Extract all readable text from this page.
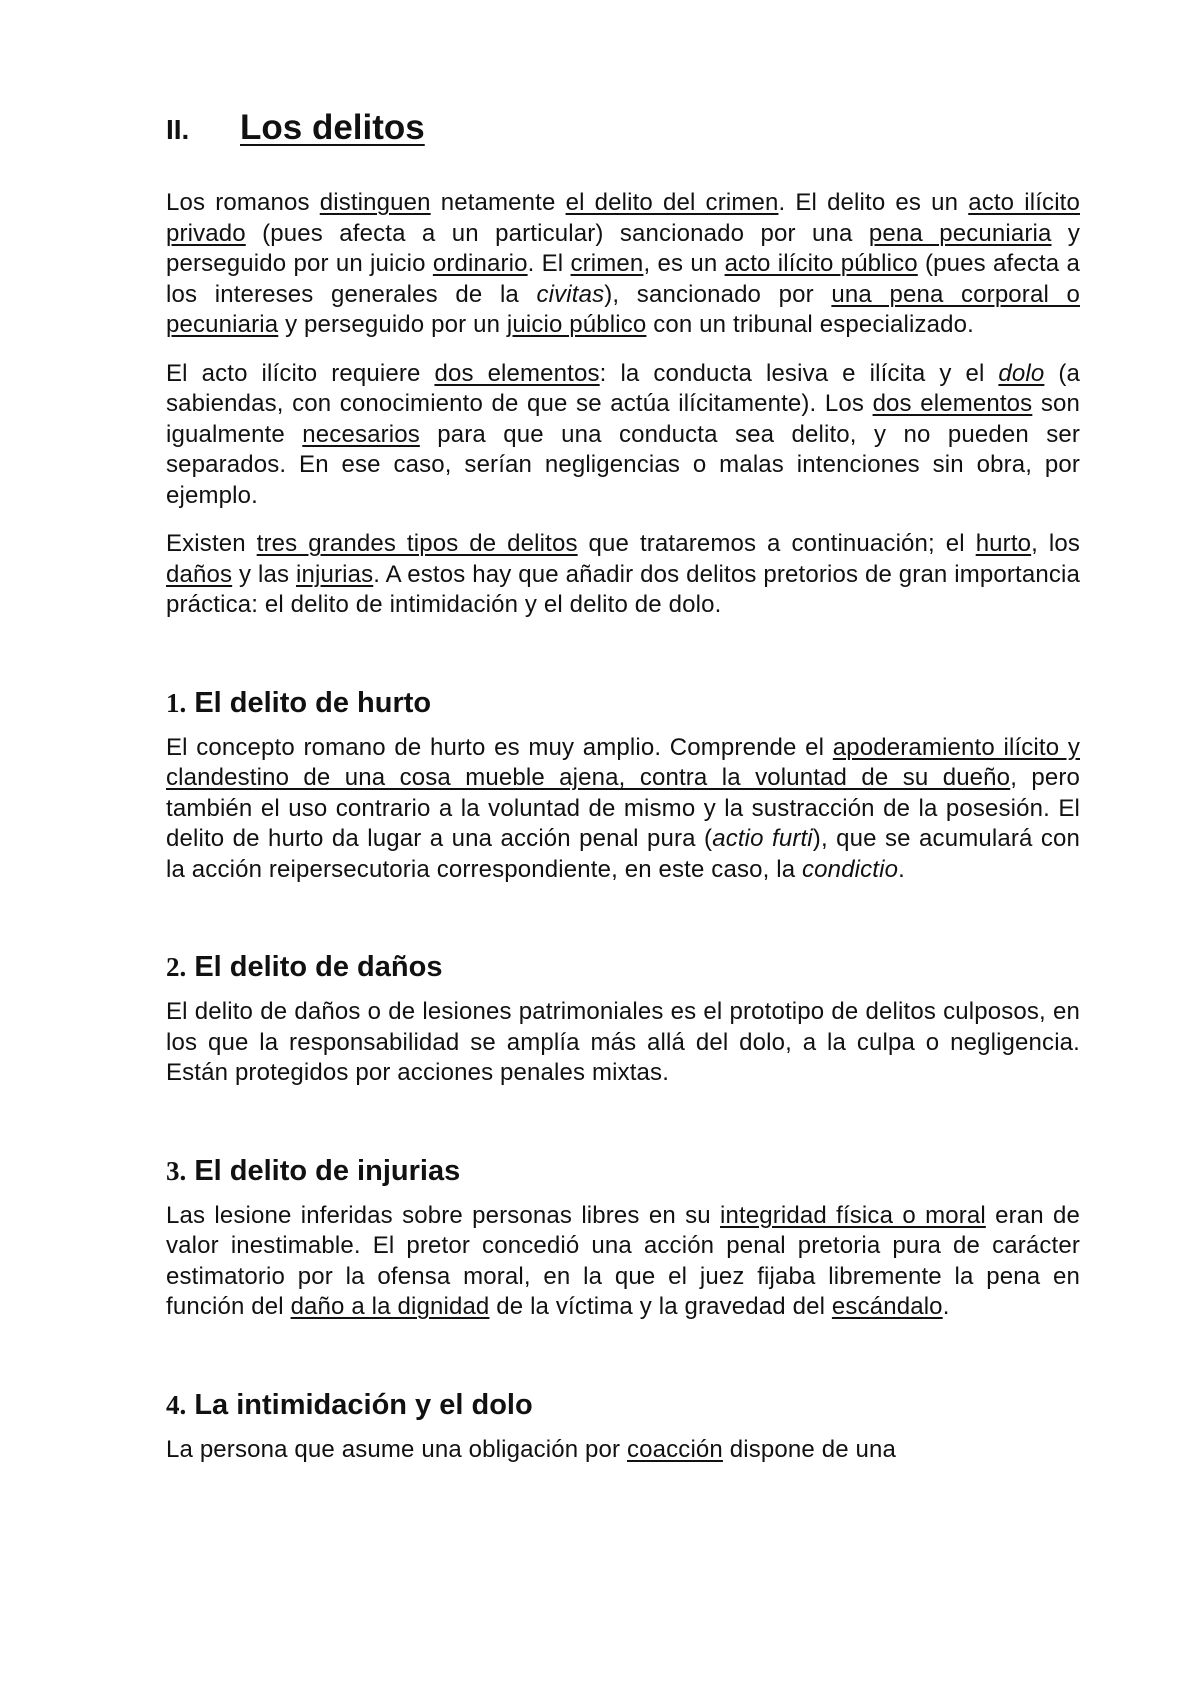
II.	Los delitos

Los romanos distinguen netamente el delito del crimen. El delito es un acto ilícito privado (pues afecta a un particular) sancionado por una pena pecuniaria y perseguido por un juicio ordinario. El crimen, es un acto ilícito público (pues afecta a los intereses generales de la civitas), sancionado por una pena corporal o pecuniaria y perseguido por un juicio público con un tribunal especializado.

El acto ilícito requiere dos elementos: la conducta lesiva e ilícita y el dolo (a sabiendas, con conocimiento de que se actúa ilícitamente). Los dos elementos son igualmente necesarios para que una conducta sea delito, y no pueden ser separados. En ese caso, serían negligencias o malas intenciones sin obra, por ejemplo.

Existen tres grandes tipos de delitos que trataremos a continuación; el hurto, los daños y las injurias. A estos hay que añadir dos delitos pretorios de gran importancia práctica: el delito de intimidación y el delito de dolo.

1. El delito de hurto

El concepto romano de hurto es muy amplio. Comprende el apoderamiento ilícito y clandestino de una cosa mueble ajena, contra la voluntad de su dueño, pero también el uso contrario a la voluntad de mismo y la sustracción de la posesión. El delito de hurto da lugar a una acción penal pura (actio furti), que se acumulará con la acción reipersecutoria correspondiente, en este caso, la condictio.

2. El delito de daños

El delito de daños o de lesiones patrimoniales es el prototipo de delitos culposos, en los que la responsabilidad se amplía más allá del dolo, a la culpa o negligencia. Están protegidos por acciones penales mixtas.

3. El delito de injurias

Las lesione inferidas sobre personas libres en su integridad física o moral eran de valor inestimable. El pretor concedió una acción penal pretoria pura de carácter estimatorio por la ofensa moral, en la que el juez fijaba libremente la pena en función del daño a la dignidad de la víctima y la gravedad del escándalo.

4. La intimidación y el dolo

La persona que asume una obligación por coacción dispone de una
